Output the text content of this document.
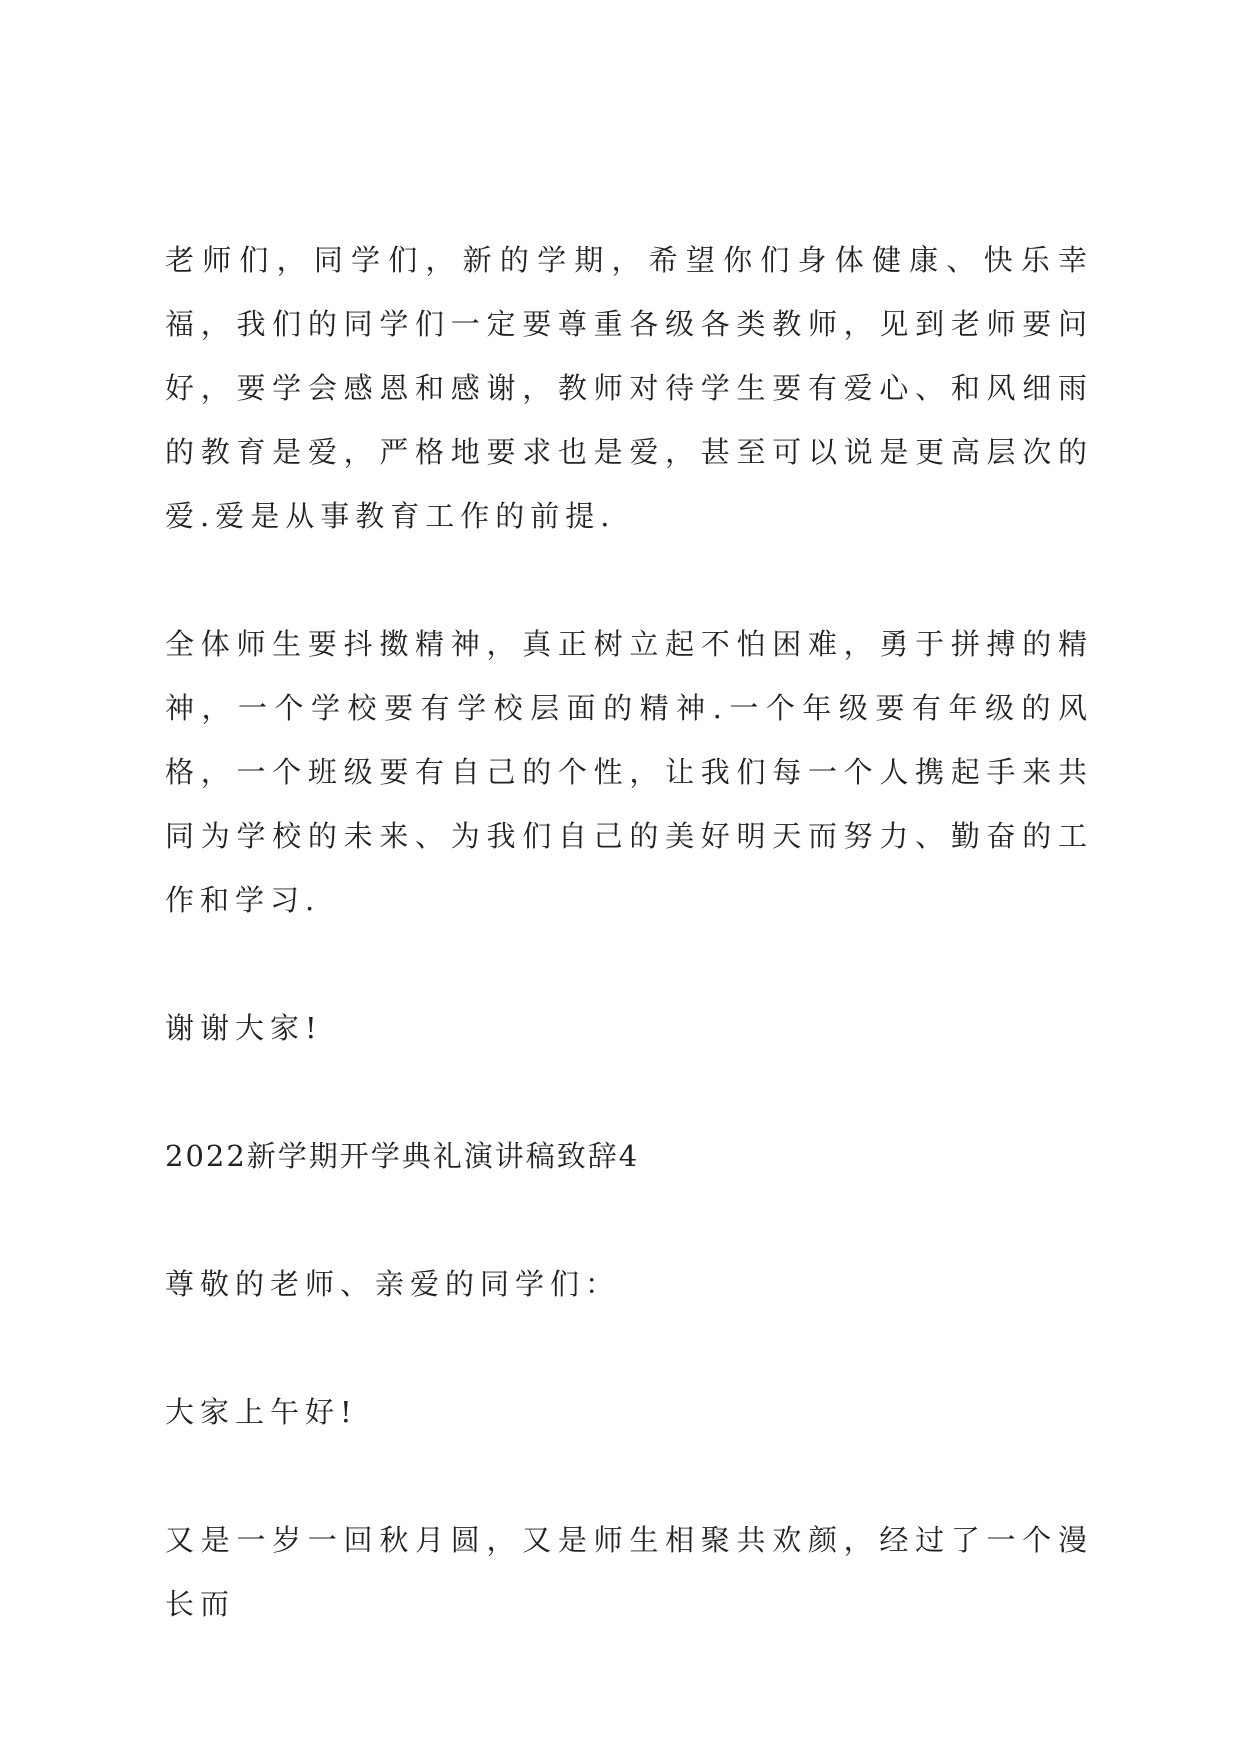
老师们，同学们，新的学期，希望你们身体健康、快乐幸福，我们的同学们一定要尊重各级各类教师，见到老师要问好，要学会感恩和感谢，教师对待学生要有爱心、和风细雨的教育是爱，严格地要求也是爱，甚至可以说是更高层次的爱.爱是从事教育工作的前提.

全体师生要抖擞精神，真正树立起不怕困难，勇于拼搏的精神，一个学校要有学校层面的精神.一个年级要有年级的风格，一个班级要有自己的个性，让我们每一个人携起手来共同为学校的未来、为我们自己的美好明天而努力、勤奋的工作和学习.

谢谢大家!

2022新学期开学典礼演讲稿致辞4

尊敬的老师、亲爱的同学们：

大家上午好!

又是一岁一回秋月圆，又是师生相聚共欢颜，经过了一个漫长而
